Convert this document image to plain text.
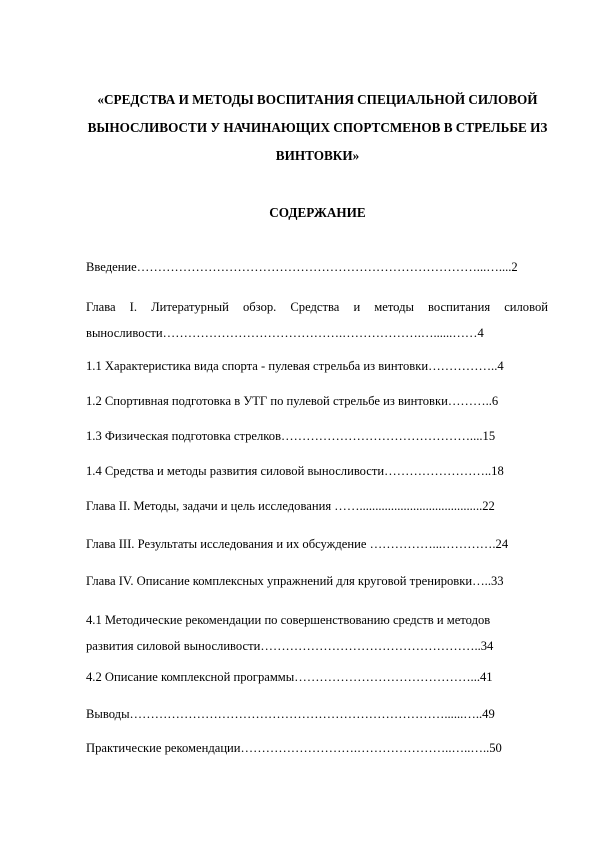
«СРЕДСТВА И МЕТОДЫ ВОСПИТАНИЯ СПЕЦИАЛЬНОЙ СИЛОВОЙ
ВЫНОСЛИВОСТИ У НАЧИНАЮЩИХ СПОРТСМЕНОВ В СТРЕЛЬБЕ ИЗ
ВИНТОВКИ»
СОДЕРЖАНИЕ
Введение………………………………………………………………………...…....2
Глава I. Литературный обзор. Средства и методы воспитания силовой
выносливости…………………………………….……………….…......……4
1.1 Характеристика вида спорта - пулевая стрельба из винтовки……………..4
1.2 Спортивная подготовка в УТГ по пулевой стрельбе из винтовки………..6
1.3 Физическая подготовка стрелков………………………………………....15
1.4 Средства и методы развития силовой выносливости……………………..18
Глава II. Методы, задачи и цель исследования …….......................................22
Глава III. Результаты исследования и их обсуждение ……………...………….24
Глава IV. Описание комплексных упражнений для круговой тренировки…..33
4.1 Методические рекомендации по совершенствованию средств и методов
развития силовой выносливости……………………………………………..34
4.2 Описание комплексной программы……………………………………...41
Выводы…………………………………………………………………......…..49
Практические рекомендации……………………….…………………..…..…..50
